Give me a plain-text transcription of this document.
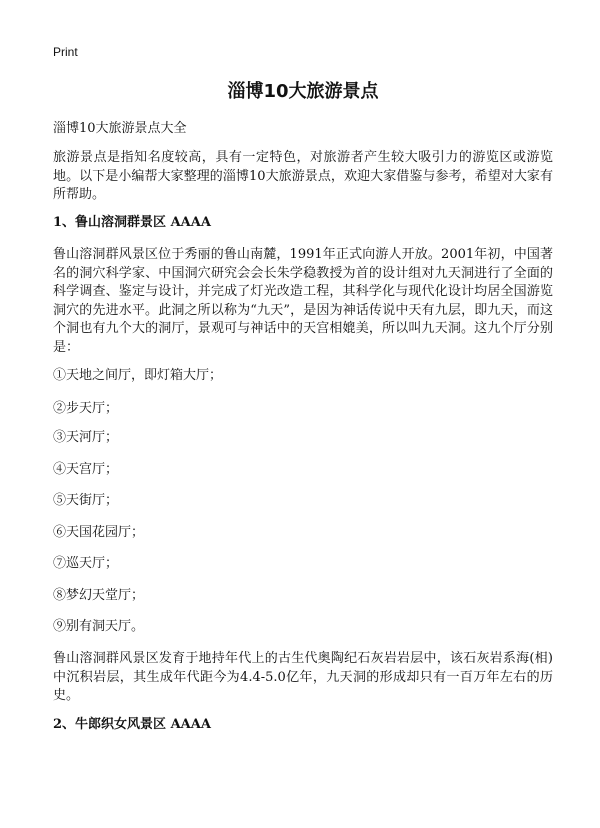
Print
淄博10大旅游景点
淄博10大旅游景点大全
旅游景点是指知名度较高，具有一定特色，对旅游者产生较大吸引力的游览区或游览地。以下是小编帮大家整理的淄博10大旅游景点，欢迎大家借鉴与参考，希望对大家有所帮助。
1、鲁山溶洞群景区 AAAA
鲁山溶洞群风景区位于秀丽的鲁山南麓，1991年正式向游人开放。2001年初，中国著名的洞穴科学家、中国洞穴研究会会长朱学稳教授为首的设计组对九天洞进行了全面的科学调查、鉴定与设计，并完成了灯光改造工程，其科学化与现代化设计均居全国游览洞穴的先进水平。此洞之所以称为“九天”，是因为神话传说中天有九层，即九天，而这个洞也有九个大的洞厅，景观可与神话中的天宫相媲美，所以叫九天洞。这九个厅分别是：
①天地之间厅，即灯箱大厅；
②步天厅；
③天河厅；
④天宫厅；
⑤天街厅；
⑥天国花园厅；
⑦巡天厅；
⑧梦幻天堂厅；
⑨别有洞天厅。
鲁山溶洞群风景区发育于地持年代上的古生代奥陶纪石灰岩岩层中，该石灰岩系海(相)中沉积岩层，其生成年代距今为4.4-5.0亿年，九天洞的形成却只有一百万年左右的历史。
2、牛郎织女风景区 AAAA
